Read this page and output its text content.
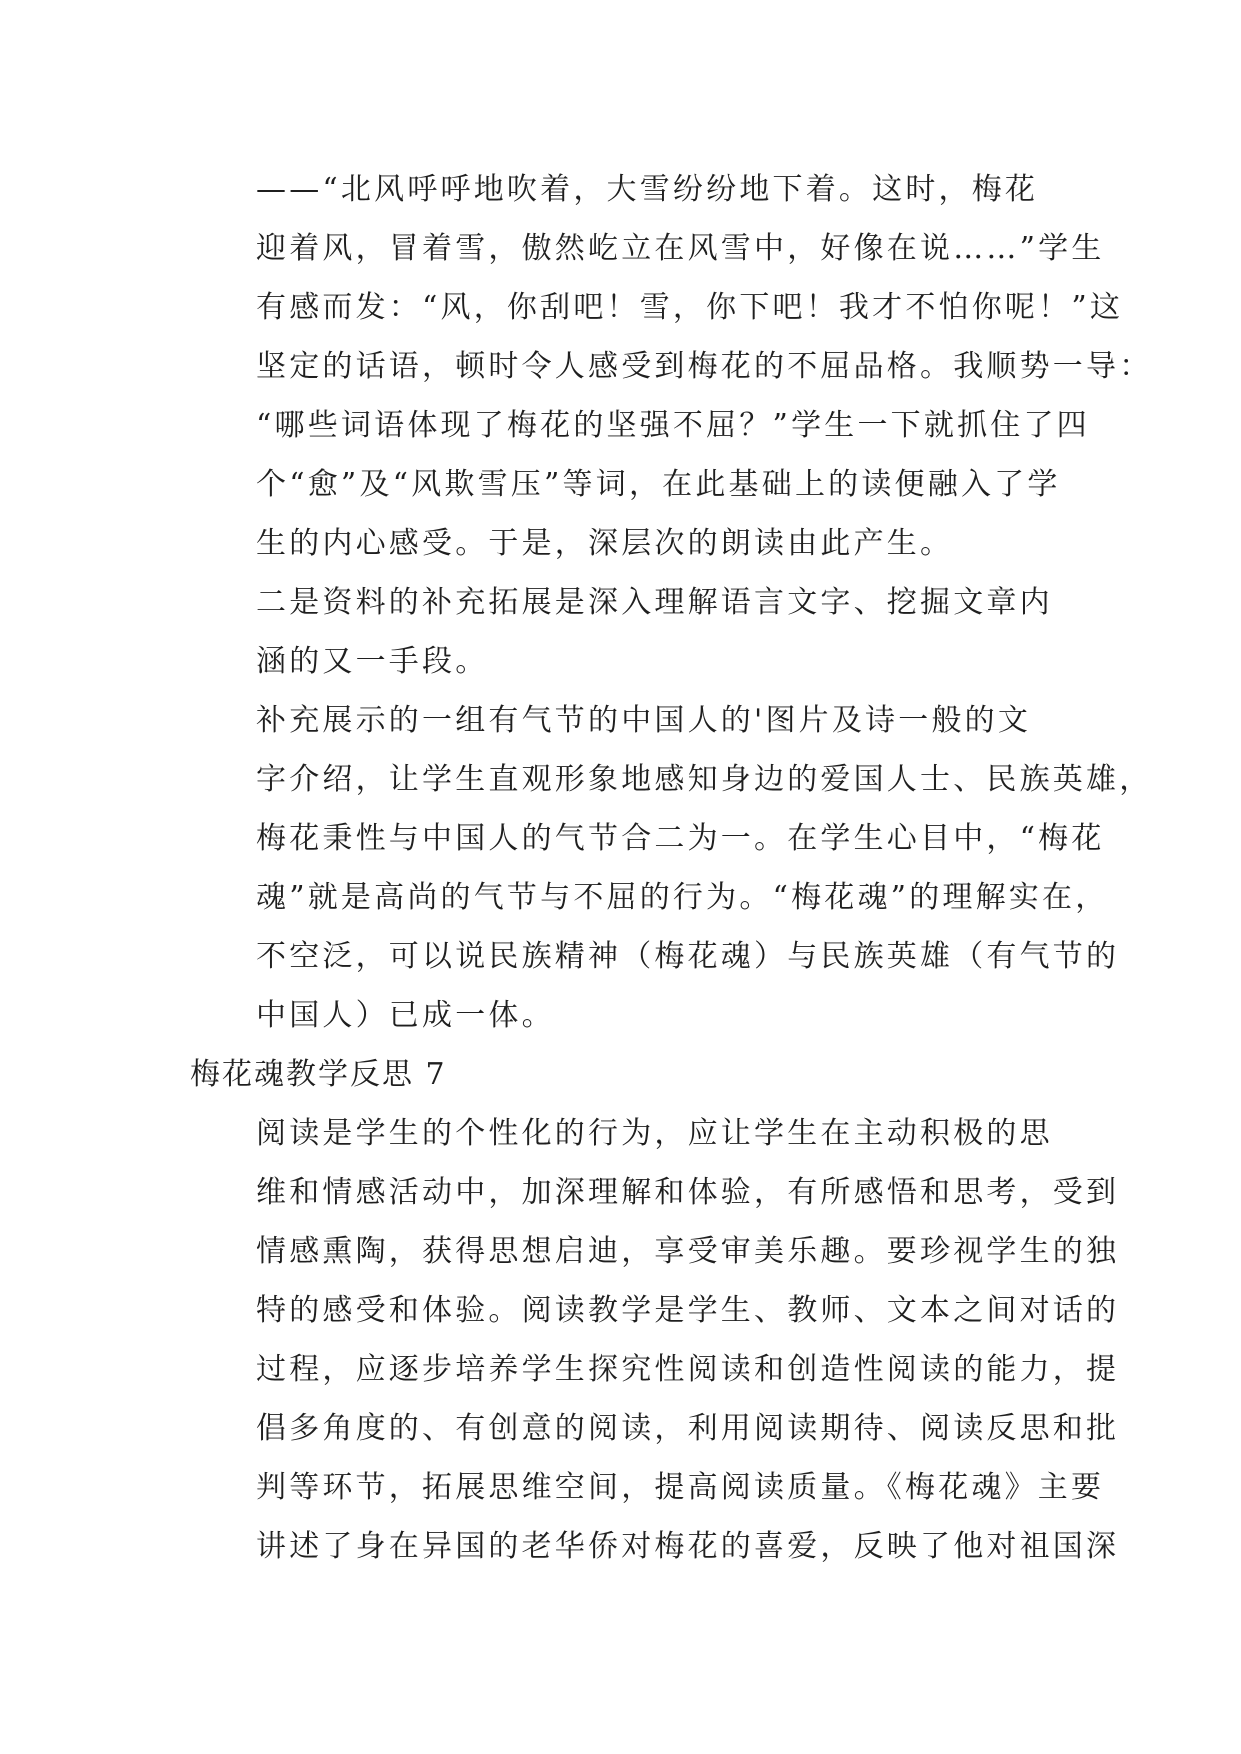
——“北风呼呼地吹着，大雪纷纷地下着。这时，梅花
迎着风，冒着雪，傲然屹立在风雪中，好像在说……”学生
有感而发：“风，你刮吧！雪，你下吧！我才不怕你呢！”这
坚定的话语，顿时令人感受到梅花的不屈品格。我顺势一导：
“哪些词语体现了梅花的坚强不屈？”学生一下就抓住了四
个“愈”及“风欺雪压”等词，在此基础上的读便融入了学
生的内心感受。于是，深层次的朗读由此产生。
二是资料的补充拓展是深入理解语言文字、挖掘文章内
涵的又一手段。
补充展示的一组有气节的中国人的'图片及诗一般的文
字介绍，让学生直观形象地感知身边的爱国人士、民族英雄，
梅花秉性与中国人的气节合二为一。在学生心目中，“梅花
魂”就是高尚的气节与不屈的行为。“梅花魂”的理解实在，
不空泛，可以说民族精神（梅花魂）与民族英雄（有气节的
中国人）已成一体。
梅花魂教学反思 7
阅读是学生的个性化的行为，应让学生在主动积极的思
维和情感活动中，加深理解和体验，有所感悟和思考，受到
情感熏陶，获得思想启迪，享受审美乐趣。要珍视学生的独
特的感受和体验。阅读教学是学生、教师、文本之间对话的
过程，应逐步培养学生探究性阅读和创造性阅读的能力，提
倡多角度的、有创意的阅读，利用阅读期待、阅读反思和批
判等环节，拓展思维空间，提高阅读质量。《梅花魂》主要
讲述了身在异国的老华侨对梅花的喜爱，反映了他对祖国深
